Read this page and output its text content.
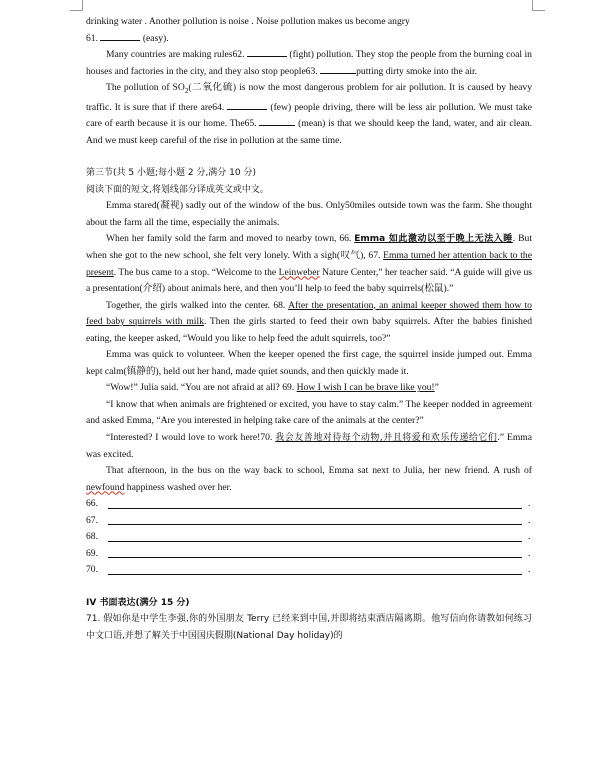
drinking water . Another pollution is noise . Noise pollution makes us become angry

61.	(easy).

Many countries are making rules62.	(fight) pollution. They stop the people from the burning coal in houses and factories in the city, and they also stop people63.	putting dirty smoke into the air.

The pollution of $SO_2$(二氧化硫) is now the most dangerous problem for air pollution. It is caused by heavy traffic. It is sure that if there are64.	(few) people driving, there will be less air pollution. We must take care of earth because it is our home. The65.	(mean) is that we should keep the land, water, and air clean. And we must keep careful of the rise in pollution at the same time.

第三节(共 5 小题;每小题 2 分,满分 10 分)

阅读下面的短文,将划线部分译成英文或中文。

Emma stared(凝视) sadly out of the window of the bus. Only50miles outside town was the farm. She thought about the farm all the time, especially the animals.

When her family sold the farm and moved to nearby town, 66. Emma 如此激动以至于晚上无法入睡. But when she got to the new school, she felt very lonely. With a sigh(叹气), 67. Emma turned her attention back to the present. The bus came to a stop. “Welcome to the Leinweber Nature Center,” her teacher said. “A guide will give us a presentation(介绍) about animals here, and then you’ll help to feed the baby squirrels(松鼠).”

Together, the girls walked into the center. 68. After the presentation, an animal keeper showed them how to feed baby squirrels with milk. Then the girls started to feed their own baby squirrels. After the babies finished eating, the keeper asked, “Would you like to help feed the adult squirrels, too?”

Emma was quick to volunteer. When the keeper opened the first cage, the squirrel inside jumped out. Emma kept calm(镇静的), held out her hand, made quiet sounds, and then quickly made it.

“Wow!” Julia said. “You are not afraid at all? 69. How I wish I can be brave like you!”

“I know that when animals are frightened or excited, you have to stay calm.” The keeper nodded in agreement and asked Emma, “Are you interested in helping take care of the animals at the center?”

“Interested? I would love to work here!70. 我会友善地对待每个动物,并且将爱和欢乐传递给它们.” Emma was excited.

That afternoon, in the bus on the way back to school, Emma sat next to Julia, her new friend. A rush of newfound happiness washed over her.

66.	.
67.	.
68.	.
69.	.
70.	.

IV 书面表达(满分 15 分)

71. 假如你是中学生李强,你的外国朋友 Terry 已经来到中国,并即将结束酒店隔离期。他写信向你请教如何练习中文口语,并想了解关于中国国庆假期(National Day holiday)的
